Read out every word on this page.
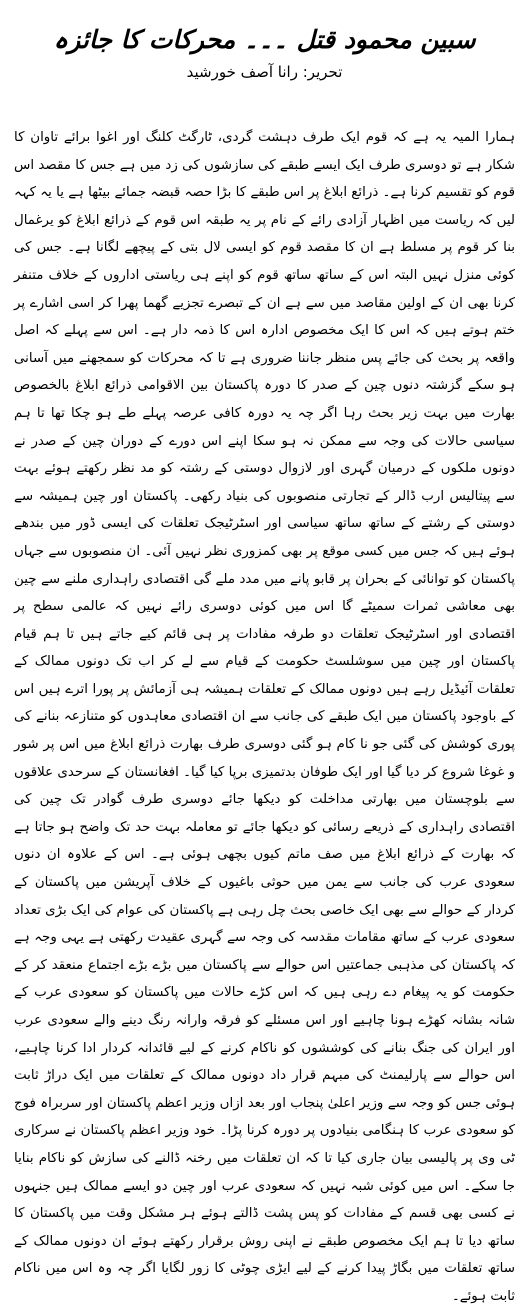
سبین محمود قتل ۔۔۔ محرکات کا جائزہ
تحریر: رانا آصف خورشید

ہمارا المیہ یہ ہے کہ قوم ایک طرف دہشت گردی، ٹارگٹ کلنگ اور اغوا برائے تاوان کا شکار ہے تو دوسری طرف ایک ایسے طبقے کی سازشوں کی زد میں ہے جس کا مقصد اس قوم کو تقسیم کرنا ہے۔ ذرائع ابلاغ پر اس طبقے کا بڑا حصہ قبضہ جمائے بیٹھا ہے یا یہ کہہ لیں کہ ریاست میں اظہار آزادی رائے کے نام پر یہ طبقہ اس قوم کے ذرائع ابلاغ کو یرغمال بنا کر قوم پر مسلط ہے ان کا مقصد قوم کو ایسی لال بتی کے پیچھے لگانا ہے۔ جس کی کوئی منزل نہیں البتہ اس کے ساتھ ساتھ قوم کو اپنے ہی ریاستی اداروں کے خلاف متنفر کرنا بھی ان کے اولین مقاصد میں سے ہے ان کے تبصرے تجزیے گھما پھرا کر اسی اشارے پر ختم ہوتے ہیں کہ اس کا ایک مخصوص ادارہ اس کا ذمہ دار ہے۔ اس سے پہلے کہ اصل واقعہ پر بحث کی جائے پس منظر جاننا ضروری ہے تا کہ محرکات کو سمجھنے میں آسانی ہو سکے گزشتہ دنوں چین کے صدر کا دورہ پاکستان بین الاقوامی ذرائع ابلاغ بالخصوص بھارت میں بہت زیر بحث رہا اگر چہ یہ دورہ کافی عرصہ پہلے طے ہو چکا تھا تا ہم سیاسی حالات کی وجہ سے ممکن نہ ہو سکا اپنے اس دورے کے دوران چین کے صدر نے دونوں ملکوں کے درمیان گہری اور لازوال دوستی کے رشتہ کو مد نظر رکھتے ہوئے بہت سے پیتالیس ارب ڈالر کے تجارتی منصوبوں کی بنیاد رکھی۔ پاکستان اور چین ہمیشہ سے دوستی کے رشتے کے ساتھ ساتھ سیاسی اور اسٹرٹیجک تعلقات کی ایسی ڈور میں بندھے ہوئے ہیں کہ جس میں کسی موقع پر بھی کمزوری نظر نہیں آئی۔ ان منصوبوں سے جہاں پاکستان کو توانائی کے بحران پر قابو پانے میں مدد ملے گی اقتصادی راہداری ملنے سے چین بھی معاشی ثمرات سمیٹے گا اس میں کوئی دوسری رائے نہیں کہ عالمی سطح پر اقتصادی اور اسٹرٹیجک تعلقات دو طرفہ مفادات پر ہی قائم کیے جاتے ہیں تا ہم قیام پاکستان اور چین میں سوشلسٹ حکومت کے قیام سے لے کر اب تک دونوں ممالک کے تعلقات آئیڈیل رہے ہیں دونوں ممالک کے تعلقات ہمیشہ ہی آزمائش پر پورا اترے ہیں اس کے باوجود پاکستان میں ایک طبقے کی جانب سے ان اقتصادی معاہدوں کو متنازعہ بنانے کی پوری کوشش کی گئی جو نا کام ہو گئی دوسری طرف بھارت ذرائع ابلاغ میں اس پر شور و غوغا شروع کر دیا گیا اور ایک طوفان بدتمیزی برپا کیا گیا۔ افغانستان کے سرحدی علاقوں سے بلوچستان میں بھارتی مداخلت کو دیکھا جائے دوسری طرف گوادر تک چین کی اقتصادی راہداری کے ذریعے رسائی کو دیکھا جائے تو معاملہ بہت حد تک واضح ہو جاتا ہے کہ بھارت کے ذرائع ابلاغ میں صف ماتم کیوں بچھی ہوئی ہے۔ اس کے علاوہ ان دنوں سعودی عرب کی جانب سے یمن میں حوثی باغیوں کے خلاف آپریشن میں پاکستان کے کردار کے حوالے سے بھی ایک خاصی بحث چل رہی ہے پاکستان کی عوام کی ایک بڑی تعداد سعودی عرب کے ساتھ مقامات مقدسہ کی وجہ سے گہری عقیدت رکھتی ہے یہی وجہ ہے کہ پاکستان کی مذہبی جماعتیں اس حوالے سے پاکستان میں بڑے بڑے اجتماع منعقد کر کے حکومت کو یہ پیغام دے رہی ہیں کہ اس کڑے حالات میں پاکستان کو سعودی عرب کے شانہ بشانہ کھڑے ہونا چاہیے اور اس مسئلے کو فرقہ وارانہ رنگ دینے والے سعودی عرب اور ایران کی جنگ بنانے کی کوششوں کو ناکام کرنے کے لیے قائدانہ کردار ادا کرنا چاہیے، اس حوالے سے پارلیمنٹ کی مبہم قرار داد دونوں ممالک کے تعلقات میں ایک دراڑ ثابت ہوئی جس کو وجہ سے وزیر اعلیٰ پنجاب اور بعد ازاں وزیر اعظم پاکستان اور سربراہ فوج کو سعودی عرب کا ہنگامی بنیادوں پر دورہ کرنا پڑا۔ خود وزیر اعظم پاکستان نے سرکاری ٹی وی پر پالیسی بیان جاری کیا تا کہ ان تعلقات میں رخنہ ڈالنے کی سازش کو ناکام بنایا جا سکے۔ اس میں کوئی شبہ نہیں کہ سعودی عرب اور چین دو ایسے ممالک ہیں جنہوں نے کسی بھی قسم کے مفادات کو پس پشت ڈالتے ہوئے ہر مشکل وقت میں پاکستان کا ساتھ دیا تا ہم ایک مخصوص طبقے نے اپنی روش برقرار رکھتے ہوئے ان دونوں ممالک کے ساتھ تعلقات میں بگاڑ پیدا کرنے کے لیے ایڑی چوٹی کا زور لگایا اگر چہ وہ اس میں ناکام ثابت ہوئے۔
